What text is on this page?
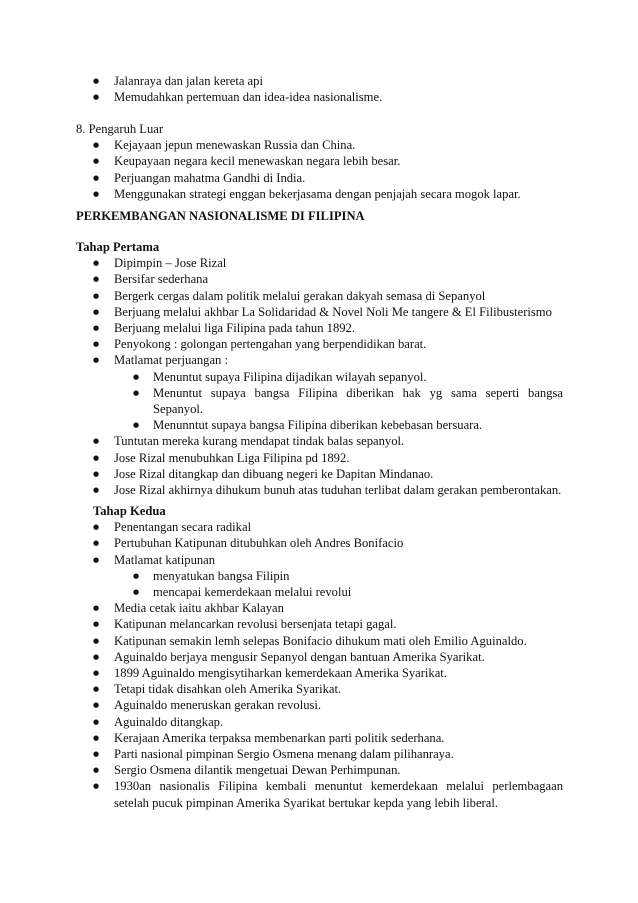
● Jalanraya dan jalan kereta api
● Memudahkan pertemuan dan idea-idea nasionalisme.
8. Pengaruh Luar
● Kejayaan jepun menewaskan Russia dan China.
● Keupayaan negara kecil menewaskan negara lebih besar.
● Perjuangan mahatma Gandhi di India.
● Menggunakan strategi enggan bekerjasama dengan penjajah secara mogok lapar.
PERKEMBANGAN NASIONALISME DI FILIPINA
Tahap Pertama
● Dipimpin – Jose Rizal
● Bersifar sederhana
● Bergerk cergas dalam politik melalui gerakan dakyah semasa di Sepanyol
● Berjuang melalui akhbar La Solidaridad & Novel Noli Me tangere & El Filibusterismo
● Berjuang melalui liga Filipina pada tahun 1892.
● Penyokong : golongan pertengahan yang berpendidikan barat.
● Matlamat perjuangan :
● Menuntut supaya Filipina dijadikan wilayah sepanyol.
● Menuntut supaya bangsa Filipina diberikan hak yg sama seperti bangsa Sepanyol.
● Menunntut supaya bangsa Filipina diberikan kebebasan bersuara.
● Tuntutan mereka kurang mendapat tindak balas sepanyol.
● Jose Rizal menubuhkan Liga Filipina pd 1892.
● Jose Rizal ditangkap dan dibuang negeri ke Dapitan Mindanao.
● Jose Rizal akhirnya dihukum bunuh atas tuduhan terlibat dalam gerakan pemberontakan.
Tahap Kedua
● Penentangan secara radikal
● Pertubuhan Katipunan ditubuhkan oleh Andres Bonifacio
● Matlamat katipunan
● menyatukan bangsa Filipin
● mencapai kemerdekaan melalui revolui
● Media cetak iaitu akhbar Kalayan
● Katipunan melancarkan revolusi bersenjata tetapi gagal.
● Katipunan semakin lemh selepas Bonifacio dihukum mati oleh Emilio Aguinaldo.
● Aguinaldo berjaya mengusir Sepanyol dengan bantuan Amerika Syarikat.
● 1899 Aguinaldo mengisytiharkan kemerdekaan Amerika Syarikat.
● Tetapi tidak disahkan oleh Amerika Syarikat.
● Aguinaldo meneruskan gerakan revolusi.
● Aguinaldo ditangkap.
● Kerajaan Amerika terpaksa membenarkan parti politik sederhana.
● Parti nasional pimpinan Sergio Osmena menang dalam pilihanraya.
● Sergio Osmena dilantik mengetuai Dewan Perhimpunan.
● 1930an nasionalis Filipina kembali menuntut kemerdekaan melalui perlembagaan setelah pucuk pimpinan Amerika Syarikat bertukar kepda yang lebih liberal.
